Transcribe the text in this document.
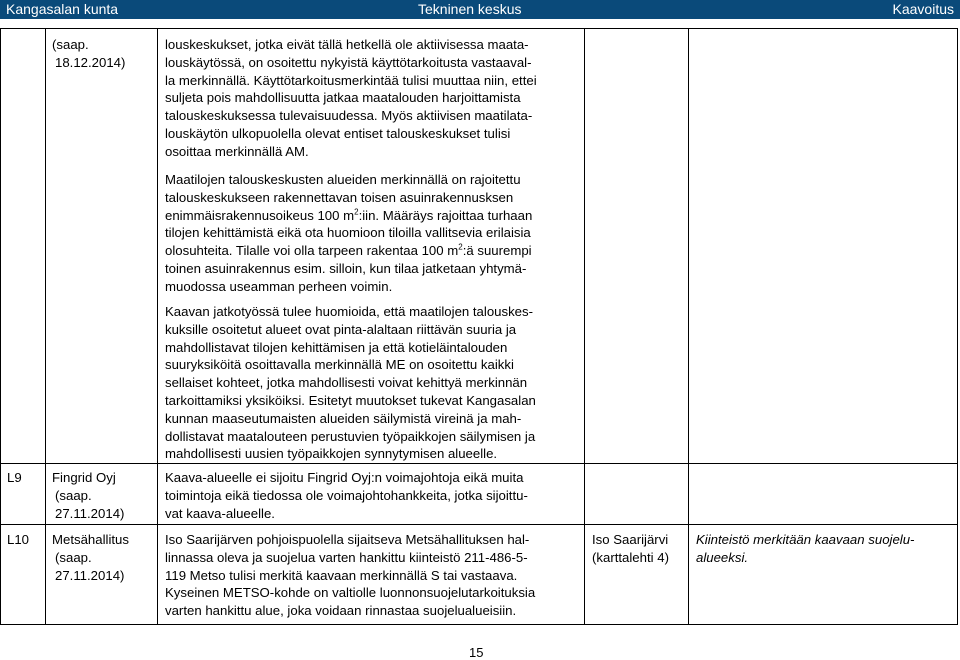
Kangasalan kunta	Tekninen keskus	Kaavoitus
(saap.
18.12.2014)
louskeskukset, jotka eivät tällä hetkellä ole aktiivisessa maata-
louskäytössä, on osoitettu nykyistä käyttötarkoitusta vastaaval-
la merkinnällä. Käyttötarkoitusmerkintää tulisi muuttaa niin, ettei
suljeta pois mahdollisuutta jatkaa maatalouden harjoittamista
talouskeskuksessa tulevaisuudessa. Myös aktiivisen maatilata-
louskäytön ulkopuolella olevat entiset talouskeskukset tulisi
osoittaa merkinnällä AM.
Maatilojen talouskeskusten alueiden merkinnällä on rajoitettu
talouskeskukseen rakennettavan toisen asuinrakennusksen
enimmäisrakennusoikeus 100 $m^2:iin$. Määräys rajoittaa turhaan
tilojen kehittämistä eikä ota huomioon tiloilla vallitsevia erilaisia
olosuhteita. Tilalle voi olla tarpeen rakentaa 100 $m^2:ä$ suurempi
toinen asuinrakennus esim. silloin, kun tilaa jatketaan yhtymä-
muodossa useamman perheen voimin.
Kaavan jatkotyössä tulee huomioida, että maatilojen talouskes-
kuksille osoitetut alueet ovat pinta-alaltaan riittävän suuria ja
mahdollistavat tilojen kehittämisen ja että kotieläintalouden
suuryksiköitä osoittavalla merkinnällä ME on osoitettu kaikki
sellaiset kohteet, jotka mahdollisesti voivat kehittyä merkinnän
tarkoittamiksi yksiköiksi. Esitetyt muutokset tukevat Kangasalan
kunnan maaseutumaisten alueiden säilymistä vireinä ja mah-
dollistavat maatalouteen perustuvien työpaikkojen säilymisen ja
mahdollisesti uusien työpaikkojen synnytymisen alueelle.
L9 Fingrid Oyj
(saap.
27.11.2014)
Kaava-alueelle ei sijoitu Fingrid Oyj:n voimajohtoja eikä muita
toimintoja eikä tiedossa ole voimajohtohankkeita, jotka sijoittu-
vat kaava-alueelle.
L10 Metsähallitus
(saap.
27.11.2014)
Iso Saarijärven pohjoispuolella sijaitseva Metsähallituksen hal-
linnassa oleva ja suojelua varten hankittu kiinteistö 211-486-5-
119 Metso tulisi merkitä kaavaan merkinnällä S tai vastaava.
Kyseinen METSO-kohde on valtiolle luonnonsuojelutarkoituksia
varten hankittu alue, joka voidaan rinnastaa suojelualueisiin.
Iso Saarijärvi
(karttalehti 4)
Kiinteistö merkitään kaavaan suojelu-
alueeksi.
15
